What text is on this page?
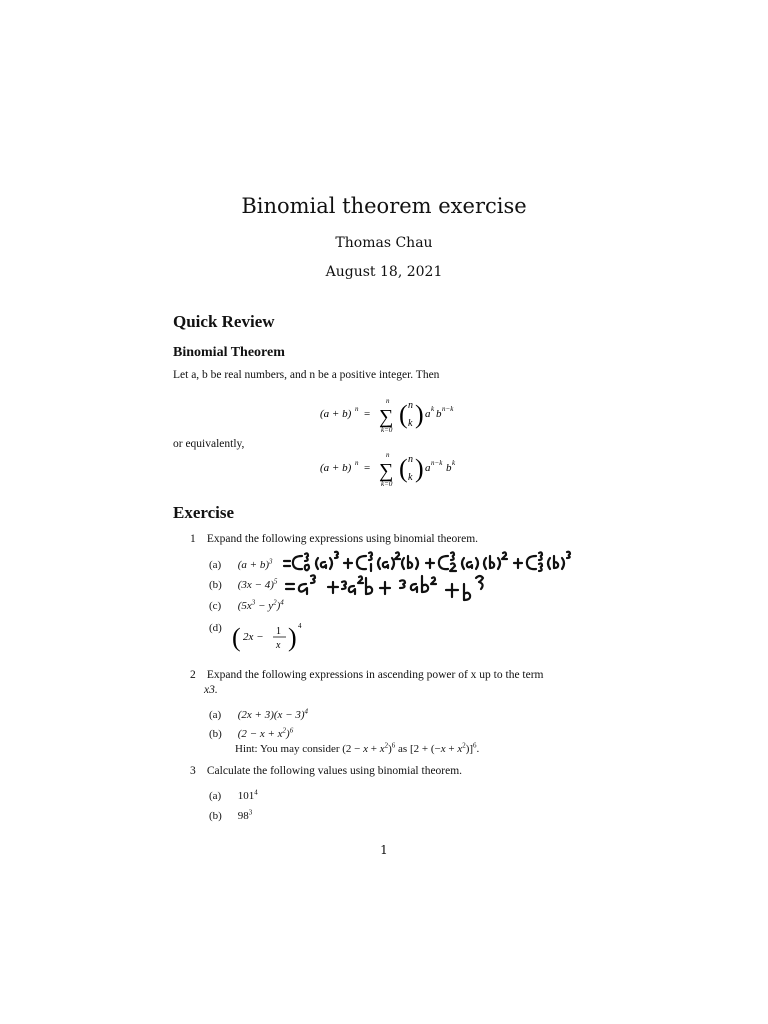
Binomial theorem exercise
Thomas Chau
August 18, 2021
Quick Review
Binomial Theorem
Let a, b be real numbers, and n be a positive integer. Then
(a + b) n =
n
∑
k=0
( n
k ) a k b n−k
or equivalently,
(a + b) n =
n
∑
k=0
( n
k ) a n−k b k
Exercise
1 Expand the following expressions using binomial theorem.
(a) $(a + b)^3$
(b) $(3x - 4)^5$
(c) $(5x^3 - y^2)^4$
(d) ( 2x − 1
x ) 4
2 Expand the following expressions in ascending power of x up to the term
x3.
(a) $(2x + 3)(x - 3)^4$
(b) $(2 - x + x^2)^6$
Hint: You may consider $(2 - x + x^2)^6$ as $[2 + (-x + x^2)]^6$.
3 Calculate the following values using binomial theorem.
(a) $101^4$
(b) $98^3$
1
